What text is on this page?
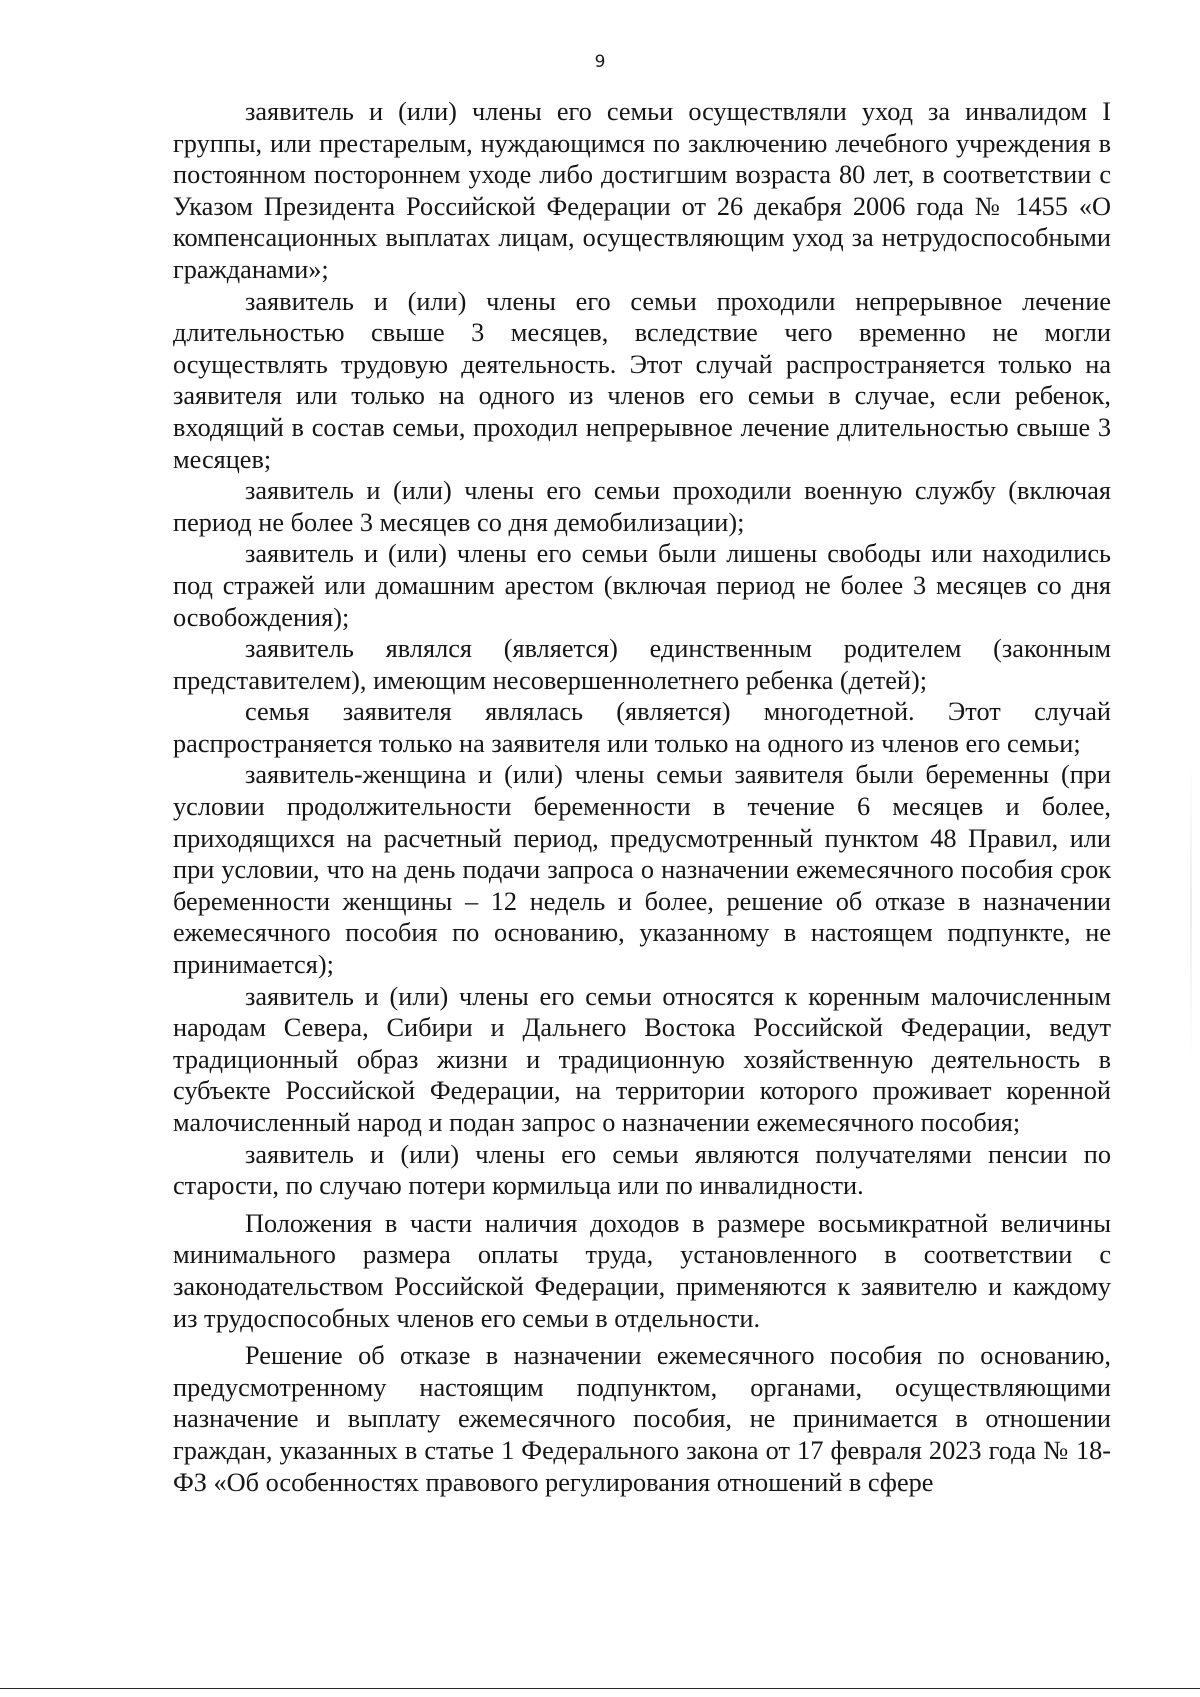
9

заявитель и (или) члены его семьи осуществляли уход за инвалидом I группы, или престарелым, нуждающимся по заключению лечебного учреждения в постоянном постороннем уходе либо достигшим возраста 80 лет, в соответствии с Указом Президента Российской Федерации от 26 декабря 2006 года № 1455 «О компенсационных выплатах лицам, осуществляющим уход за нетрудоспособными гражданами»;

заявитель и (или) члены его семьи проходили непрерывное лечение длительностью свыше 3 месяцев, вследствие чего временно не могли осуществлять трудовую деятельность. Этот случай распространяется только на заявителя или только на одного из членов его семьи в случае, если ребенок, входящий в состав семьи, проходил непрерывное лечение длительностью свыше 3 месяцев;

заявитель и (или) члены его семьи проходили военную службу (включая период не более 3 месяцев со дня демобилизации);

заявитель и (или) члены его семьи были лишены свободы или находились под стражей или домашним арестом (включая период не более 3 месяцев со дня освобождения);

заявитель являлся (является) единственным родителем (законным представителем), имеющим несовершеннолетнего ребенка (детей);

семья заявителя являлась (является) многодетной. Этот случай распространяется только на заявителя или только на одного из членов его семьи;

заявитель-женщина и (или) члены семьи заявителя были беременны (при условии продолжительности беременности в течение 6 месяцев и более, приходящихся на расчетный период, предусмотренный пунктом 48 Правил, или при условии, что на день подачи запроса о назначении ежемесячного пособия срок беременности женщины – 12 недель и более, решение об отказе в назначении ежемесячного пособия по основанию, указанному в настоящем подпункте, не принимается);

заявитель и (или) члены его семьи относятся к коренным малочисленным народам Севера, Сибири и Дальнего Востока Российской Федерации, ведут традиционный образ жизни и традиционную хозяйственную деятельность в субъекте Российской Федерации, на территории которого проживает коренной малочисленный народ и подан запрос о назначении ежемесячного пособия;

заявитель и (или) члены его семьи являются получателями пенсии по старости, по случаю потери кормильца или по инвалидности.

Положения в части наличия доходов в размере восьмикратной величины минимального размера оплаты труда, установленного в соответствии с законодательством Российской Федерации, применяются к заявителю и каждому из трудоспособных членов его семьи в отдельности.

Решение об отказе в назначении ежемесячного пособия по основанию, предусмотренному настоящим подпунктом, органами, осуществляющими назначение и выплату ежемесячного пособия, не принимается в отношении граждан, указанных в статье 1 Федерального закона от 17 февраля 2023 года № 18-ФЗ «Об особенностях правового регулирования отношений в сфере
